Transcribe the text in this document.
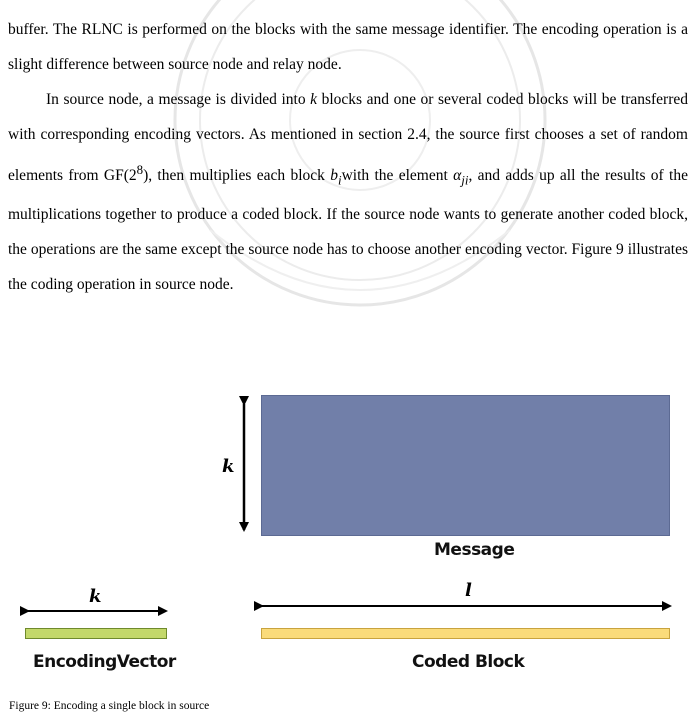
buffer. The RLNC is performed on the blocks with the same message identifier. The encoding operation is a slight difference between source node and relay node.

In source node, a message is divided into k blocks and one or several coded blocks will be transferred with corresponding encoding vectors. As mentioned in section 2.4, the source first chooses a set of random elements from $GF(2^8)$, then multiplies each block $b_iwith$ the element $\alpha_{ji}$, and adds up all the results of the multiplications together to produce a coded block. If the source node wants to generate another coded block, the operations are the same except the source node has to choose another encoding vector. Figure 9 illustrates the coding operation in source node.

k
Message
k
EncodingVector
l
Coded Block

Figure 9: Encoding a single block in source
